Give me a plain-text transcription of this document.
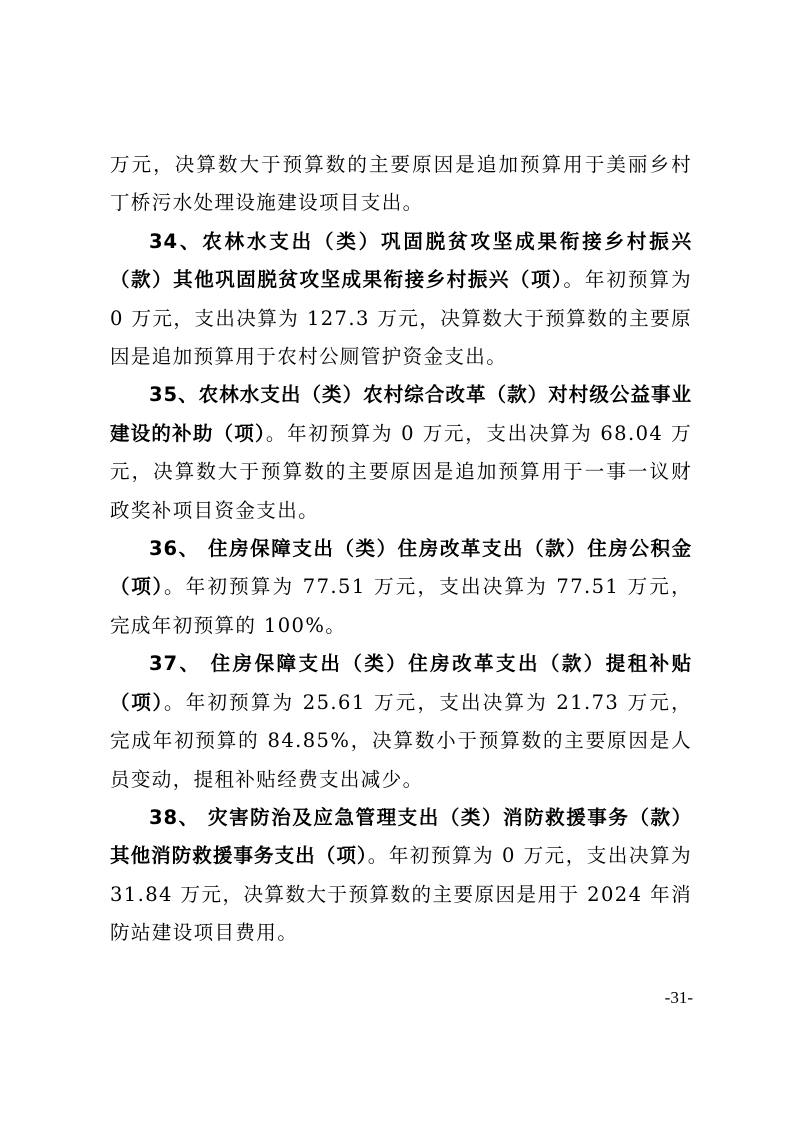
万元，决算数大于预算数的主要原因是追加预算用于美丽乡村丁桥污水处理设施建设项目支出。

34、农林水支出（类）巩固脱贫攻坚成果衔接乡村振兴（款）其他巩固脱贫攻坚成果衔接乡村振兴（项）。年初预算为 0 万元，支出决算为 127.3 万元，决算数大于预算数的主要原因是追加预算用于农村公厕管护资金支出。

35、农林水支出（类）农村综合改革（款）对村级公益事业建设的补助（项）。年初预算为 0 万元，支出决算为 68.04 万元，决算数大于预算数的主要原因是追加预算用于一事一议财政奖补项目资金支出。

36、 住房保障支出（类）住房改革支出（款）住房公积金（项）。年初预算为 77.51 万元，支出决算为 77.51 万元，完成年初预算的 100%。

37、 住房保障支出（类）住房改革支出（款）提租补贴（项）。年初预算为 25.61 万元，支出决算为 21.73 万元，完成年初预算的 84.85%，决算数小于预算数的主要原因是人员变动，提租补贴经费支出减少。

38、 灾害防治及应急管理支出（类）消防救援事务（款）其他消防救援事务支出（项）。年初预算为 0 万元，支出决算为 31.84 万元，决算数大于预算数的主要原因是用于 2024 年消防站建设项目费用。

-31-
